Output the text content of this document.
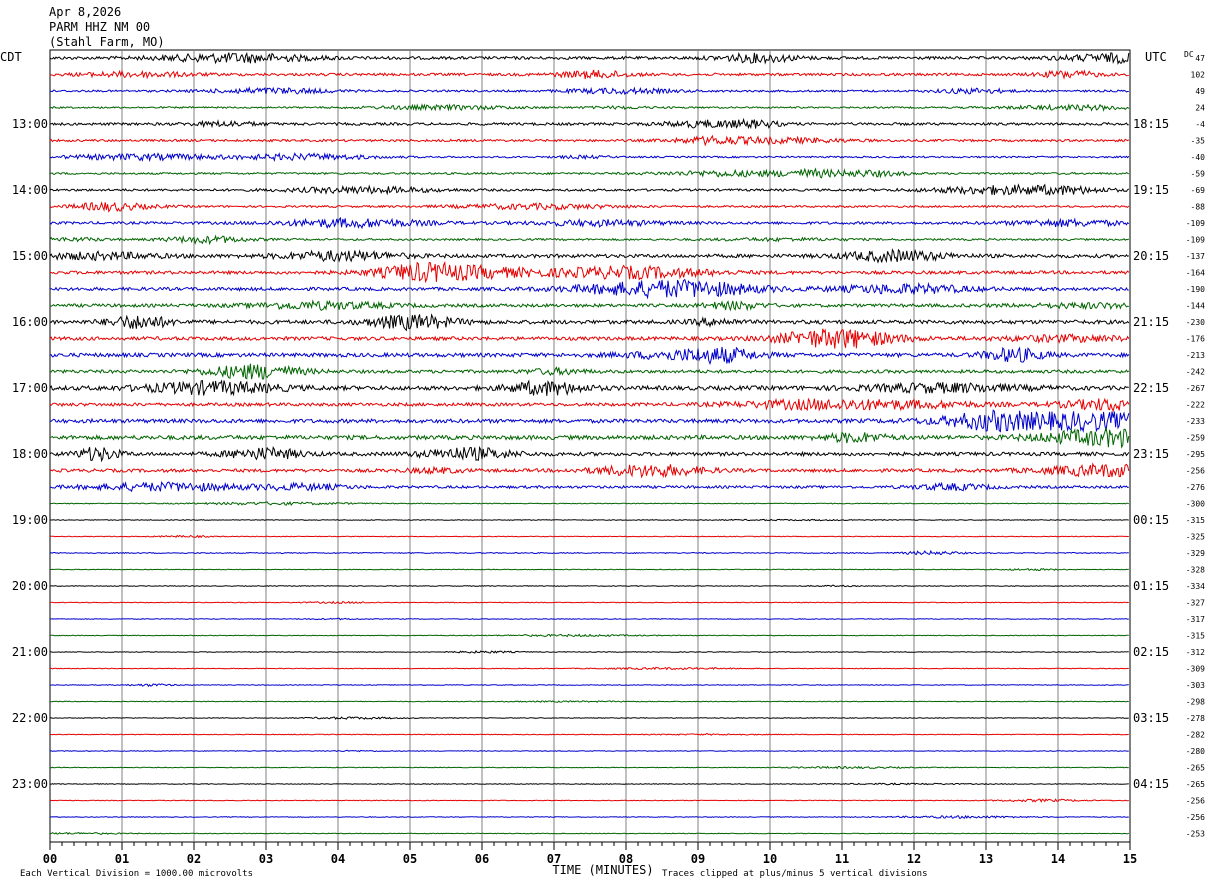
Apr 8,2026
PARM HHZ NM 00
(Stahl Farm, MO)
CDT	UTC DC
13:00	18:15
14:00	19:15
15:00	20:15
16:00	21:15
17:00	22:15
18:00	23:15
19:00	00:15
20:00	01:15
21:00	02:15
22:00	03:15
23:00	04:15
47
102
49
24
-4
-35
-40
-59
-69
-88
-109
-109
-137
-164
-190
-144
-230
-176
-213
-242
-267
-222
-233
-259
-295
-256
-276
-300
-315
-325
-329
-328
-334
-327
-317
-315
-312
-309
-303
-298
-278
-282
-280
-265
-265
-256
-256
-253
00	01	02	03	04	05	06	07	08	09	10	11	12	13	14	15
TIME (MINUTES)
Each Vertical Division = 1000.00 microvolts	Traces clipped at plus/minus 5 vertical divisions
